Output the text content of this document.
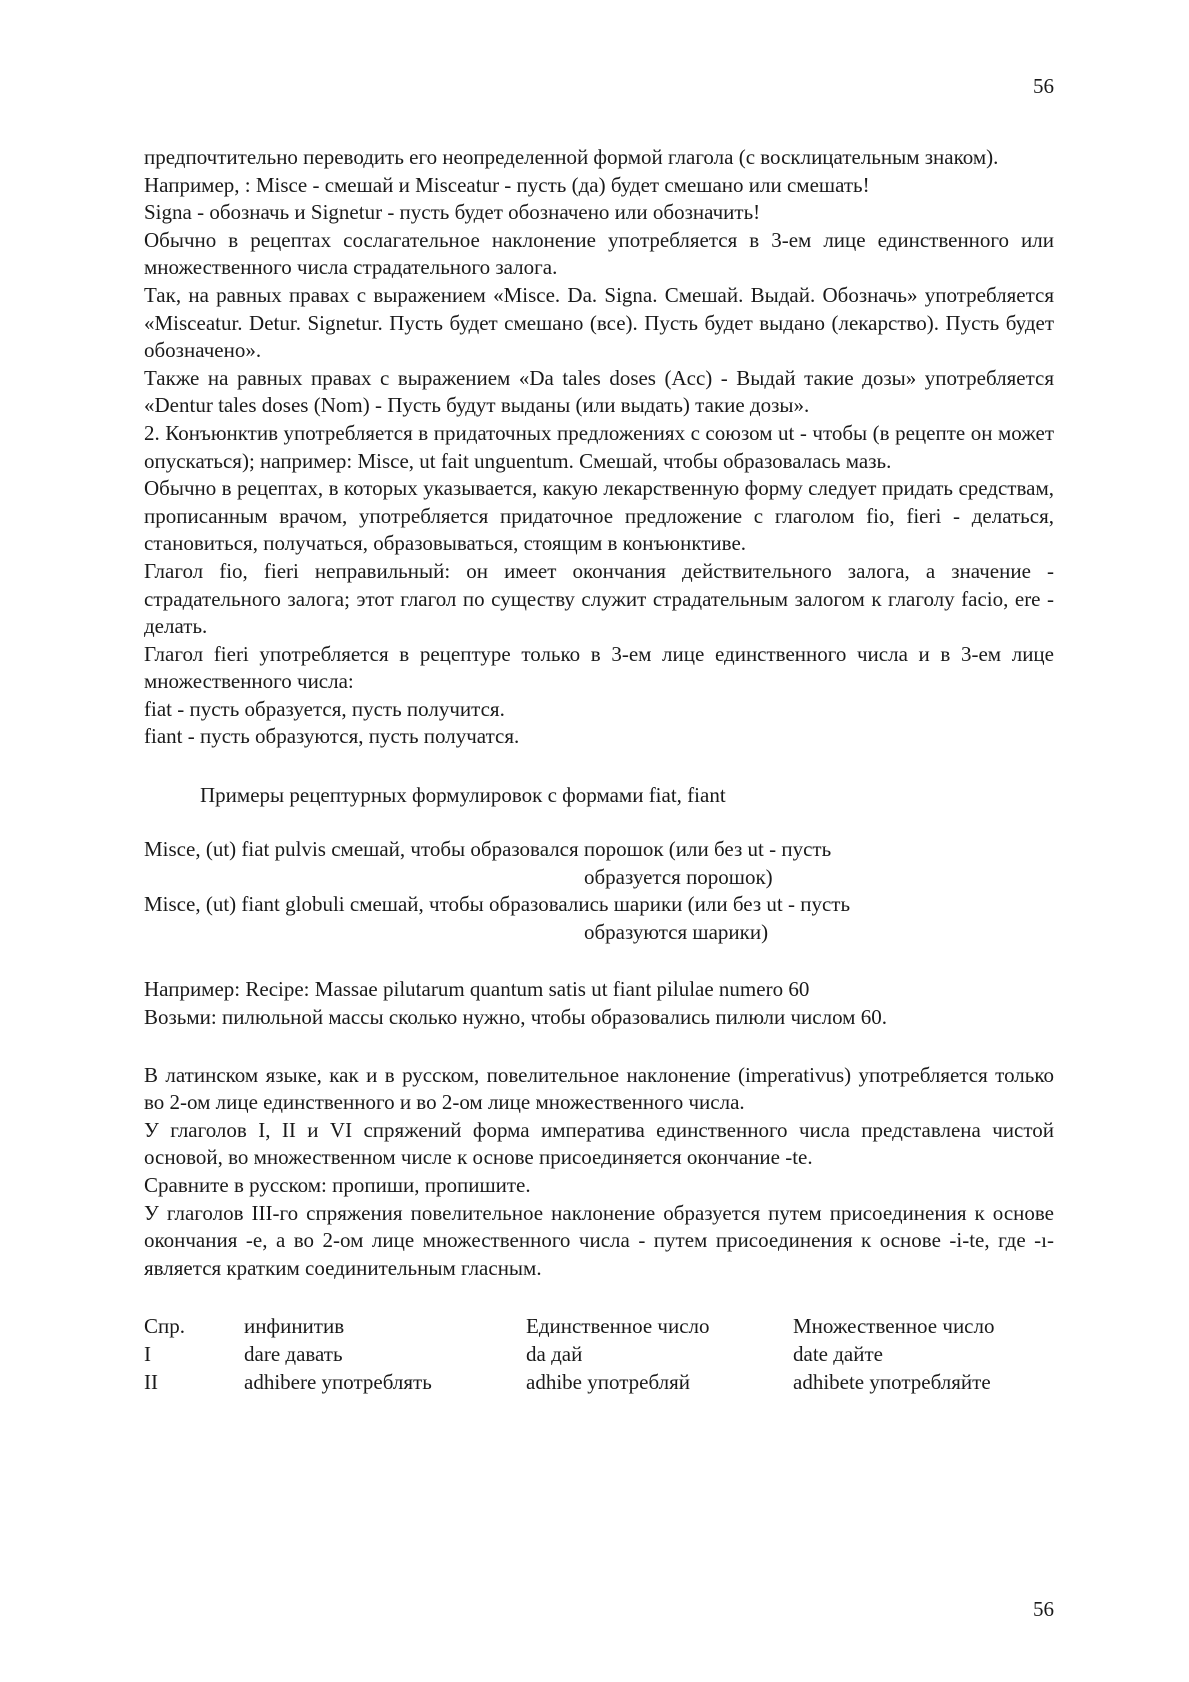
56

предпочтительно переводить его неопределенной формой глагола (с восклицательным знаком).

Например, : Misce - смешай и Misceatur - пусть (да) будет смешано или смешать!

Signa - обозначь и Signetur - пусть будет обозначено или обозначить!

Обычно в рецептах сослагательное наклонение употребляется в 3-ем лице единственного или множественного числа страдательного залога.

Так, на равных правах с выражением «Misce. Da. Signa. Смешай. Выдай. Обозначь» употребляется «Misceatur. Detur. Signetur. Пусть будет смешано (все). Пусть будет выдано (лекарство). Пусть будет обозначено».

Также на равных правах с выражением «Da tales doses (Acc) - Выдай такие дозы» употребляется «Dentur tales doses (Nom) - Пусть будут выданы (или выдать) такие дозы».

2. Конъюнктив употребляется в придаточных предложениях с союзом ut - чтобы (в рецепте он может опускаться); например: Misce, ut fait unguentum. Смешай, чтобы образовалась мазь.

Обычно в рецептах, в которых указывается, какую лекарственную форму следует придать средствам, прописанным врачом, употребляется придаточное предложение с глаголом fio, fieri - делаться, становиться, получаться, образовываться, стоящим в конъюнктиве.

Глагол fio, fieri неправильный: он имеет окончания действительного залога, а значение - страдательного залога; этот глагол по существу служит страдательным залогом к глаголу facio, ere - делать.

Глагол fieri употребляется в рецептуре только в 3-ем лице единственного числа и в 3-ем лице множественного числа:

fiat - пусть образуется, пусть получится.

fiant - пусть образуются, пусть получатся.

Примеры рецептурных формулировок с формами fiat, fiant

Misce, (ut) fiat pulvis смешай, чтобы образовался порошок (или без ut - пусть
образуется порошок)

Misce, (ut) fiant globuli смешай, чтобы образовались шарики (или без ut - пусть
образуются шарики)

Например: Recipe: Massae pilutarum quantum satis ut fiant pilulae numero 60

Возьми: пилюльной массы сколько нужно, чтобы образовались пилюли числом 60.

В латинском языке, как и в русском, повелительное наклонение (imperativus) употребляется только во 2-ом лице единственного и во 2-ом лице множественного числа.

У глаголов I, II и VI спряжений форма императива единственного числа представлена чистой основой, во множественном числе к основе присоединяется окончание -te.

Сравните в русском: пропиши, пропишите.

У глаголов III-го спряжения повелительное наклонение образуется путем присоединения к основе окончания -e, а во 2-ом лице множественного числа - путем присоединения к основе -i-te, где -ı- является кратким соединительным гласным.

Спр.	инфинитив	Единственное число	Множественное число
I	dare давать	da дай	date дайте
II	adhibere употреблять	adhibe употребляй	adhibete употребляйте
56
